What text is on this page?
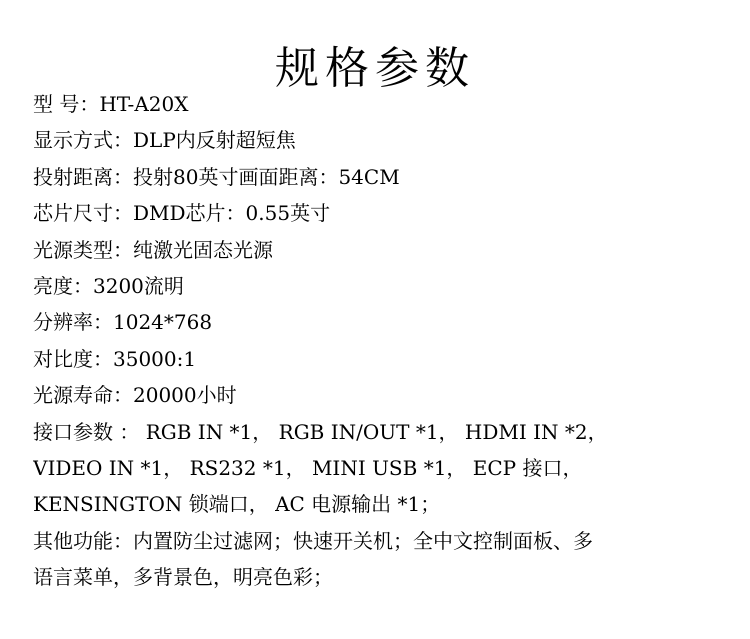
规格参数
型 号：HT-A20X
显示方式：DLP内反射超短焦
投射距离：投射80英寸画面距离：54CM
芯片尺寸：DMD芯片：0.55英寸
光源类型：纯激光固态光源
亮度：3200流明
分辨率：1024*768
对比度：35000:1
光源寿命：20000小时
接口参数 ： RGB IN *1， RGB IN/OUT *1， HDMI IN *2，
VIDEO IN *1， RS232 *1， MINI USB *1， ECP 接口，
KENSINGTON 锁端口， AC 电源输出 *1；
其他功能：内置防尘过滤网；快速开关机；全中文控制面板、多
语言菜单，多背景色，明亮色彩；
